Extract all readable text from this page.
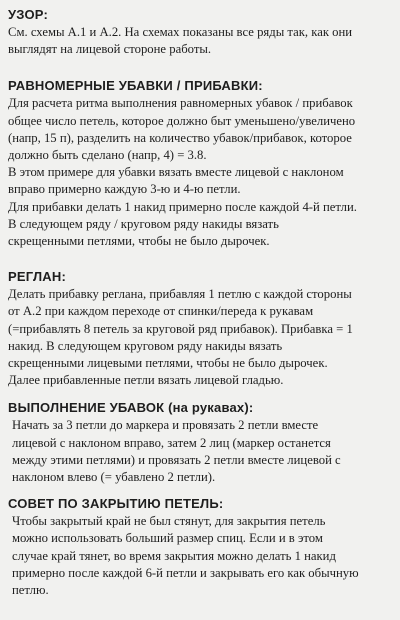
УЗОР:

См. схемы А.1 и А.2. На схемах показаны все ряды так, как они

выглядят на лицевой стороне работы.

РАВНОМЕРНЫЕ УБАВКИ / ПРИБАВКИ:

Для расчета ритма выполнения равномерных убавок / прибавок

общее число петель, которое должно быт уменьшено/увеличено

(напр, 15 п), разделить на количество убавок/прибавок, которое

должно быть сделано (напр, 4) = 3.8.

В этом примере для убавки вязать вместе лицевой с наклоном

вправо примерно каждую 3-ю и 4-ю петли.

Для прибавки делать 1 накид примерно после каждой 4-й петли.

В следующем ряду / круговом ряду накиды вязать

скрещенными петлями, чтобы не было дырочек.

РЕГЛАН:

Делать прибавку реглана, прибавляя 1 петлю с каждой стороны

от А.2 при каждом переходе от спинки/переда к рукавам

(=прибавлять 8 петель за круговой ряд прибавок). Прибавка = 1

накид. В следующем круговом ряду накиды вязать

скрещенными лицевыми петлями, чтобы не было дырочек.

Далее прибавленные петли вязать лицевой гладью.

ВЫПОЛНЕНИЕ УБАВОК (на рукавах):

Начать за 3 петли до маркера и провязать 2 петли вместе

лицевой с наклоном вправо, затем 2 лиц (маркер останется

между этими петлями) и провязать 2 петли вместе лицевой с

наклоном влево (= убавлено 2 петли).

СОВЕТ ПО ЗАКРЫТИЮ ПЕТЕЛЬ:

Чтобы закрытый край не был стянут, для закрытия петель

можно использовать больший размер спиц. Если и в этом

случае край тянет, во время закрытия можно делать 1 накид

примерно после каждой 6-й петли и закрывать его как обычную

петлю.
